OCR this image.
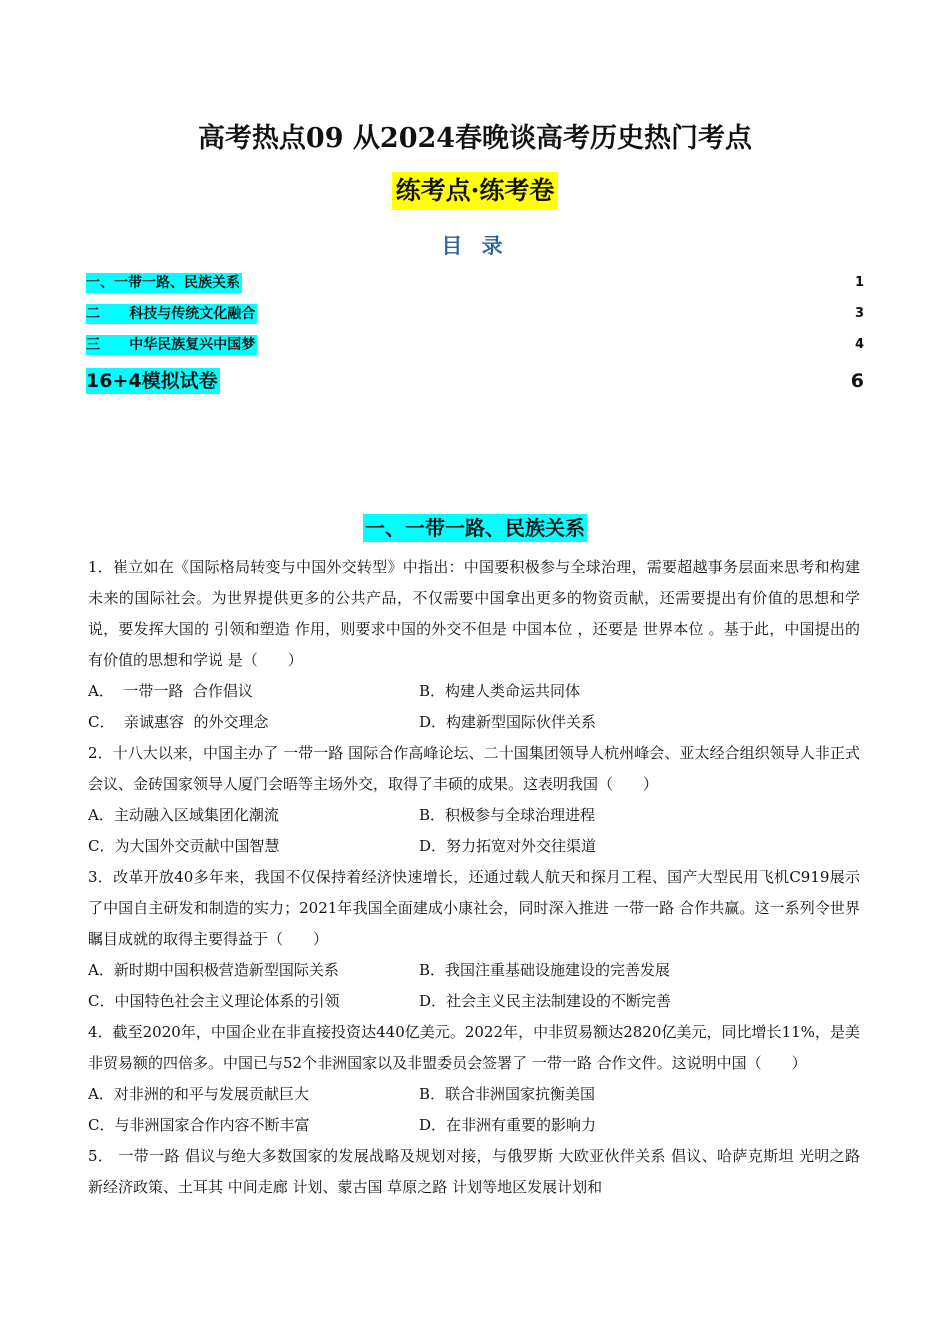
高考热点09 从2024春晚谈高考历史热门考点
练考点·练考卷
目 录
一、一带一路、民族关系	1
二      科技与传统文化融合	3
三      中华民族复兴中国梦	4
16+4模拟试卷	6
一、一带一路、民族关系

1．崔立如在《国际格局转变与中国外交转型》中指出：中国要积极参与全球治理，需要超越事务层面来思考和构建未来的国际社会。为世界提供更多的公共产品，不仅需要中国拿出更多的物资贡献，还需要提出有价值的思想和学说，要发挥大国的 引领和塑造 作用，则要求中国的外交不但是 中国本位 ，还要是 世界本位 。基于此，中国提出的 有价值的思想和学说 是（　　）

A．  一带一路  合作倡议	B．构建人类命运共同体
C．  亲诚惠容  的外交理念	D．构建新型国际伙伴关系

2．十八大以来，中国主办了 一带一路 国际合作高峰论坛、二十国集团领导人杭州峰会、亚太经合组织领导人非正式会议、金砖国家领导人厦门会晤等主场外交，取得了丰硕的成果。这表明我国（　　）

A．主动融入区域集团化潮流	B．积极参与全球治理进程
C．为大国外交贡献中国智慧	D．努力拓宽对外交往渠道

3．改革开放40多年来，我国不仅保持着经济快速增长，还通过载人航天和探月工程、国产大型民用飞机C919展示了中国自主研发和制造的实力；2021年我国全面建成小康社会，同时深入推进 一带一路 合作共赢。这一系列令世界瞩目成就的取得主要得益于（　　）

A．新时期中国积极营造新型国际关系	B．我国注重基础设施建设的完善发展
C．中国特色社会主义理论体系的引领	D．社会主义民主法制建设的不断完善

4．截至2020年，中国企业在非直接投资达440亿美元。2022年，中非贸易额达2820亿美元，同比增长11%，是美非贸易额的四倍多。中国已与52个非洲国家以及非盟委员会签署了 一带一路 合作文件。这说明中国（　　）

A．对非洲的和平与发展贡献巨大	B．联合非洲国家抗衡美国
C．与非洲国家合作内容不断丰富	D．在非洲有重要的影响力

5． 一带一路 倡议与绝大多数国家的发展战略及规划对接，与俄罗斯 大欧亚伙伴关系 倡议、哈萨克斯坦 光明之路 新经济政策、土耳其 中间走廊 计划、蒙古国 草原之路 计划等地区发展计划和
